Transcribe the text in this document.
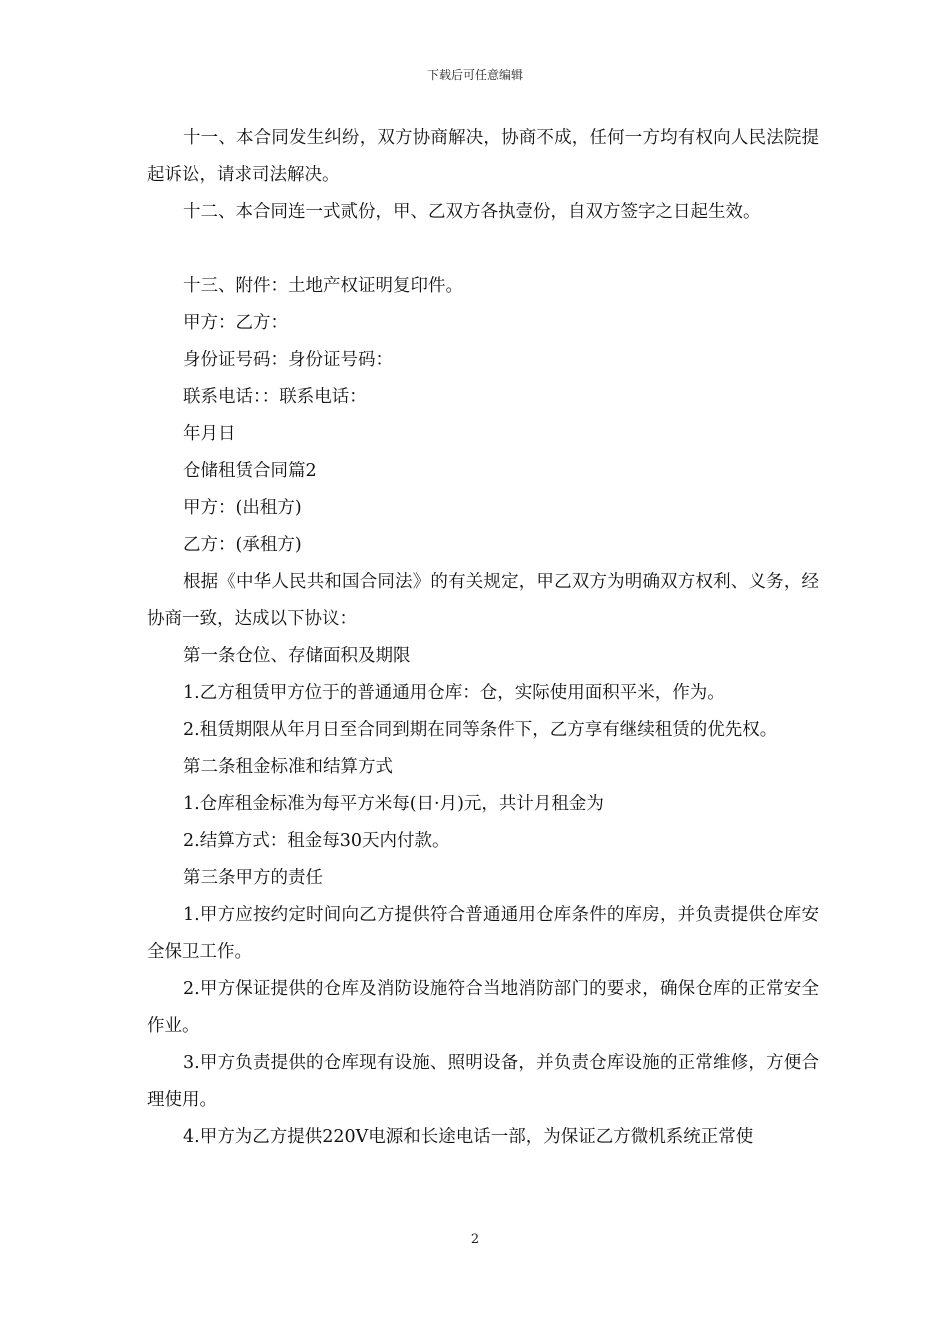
下载后可任意编辑

十一、本合同发生纠纷，双方协商解决，协商不成，任何一方均有权向人民法院提起诉讼，请求司法解决。

十二、本合同连一式贰份，甲、乙双方各执壹份，自双方签字之日起生效。

十三、附件：土地产权证明复印件。

甲方：乙方：

身份证号码：身份证号码：

联系电话：：联系电话：

年月日

仓储租赁合同篇2

甲方：(出租方)

乙方：(承租方)

根据《中华人民共和国合同法》的有关规定，甲乙双方为明确双方权利、义务，经协商一致，达成以下协议：

第一条仓位、存储面积及期限

1.乙方租赁甲方位于的普通通用仓库：仓，实际使用面积平米，作为。

2.租赁期限从年月日至合同到期在同等条件下，乙方享有继续租赁的优先权。

第二条租金标准和结算方式

1.仓库租金标准为每平方米每(日·月)元，共计月租金为

2.结算方式：租金每30天内付款。

第三条甲方的责任

1.甲方应按约定时间向乙方提供符合普通通用仓库条件的库房，并负责提供仓库安全保卫工作。

2.甲方保证提供的仓库及消防设施符合当地消防部门的要求，确保仓库的正常安全作业。

3.甲方负责提供的仓库现有设施、照明设备，并负责仓库设施的正常维修，方便合理使用。

4.甲方为乙方提供220V电源和长途电话一部，为保证乙方微机系统正常使

2
